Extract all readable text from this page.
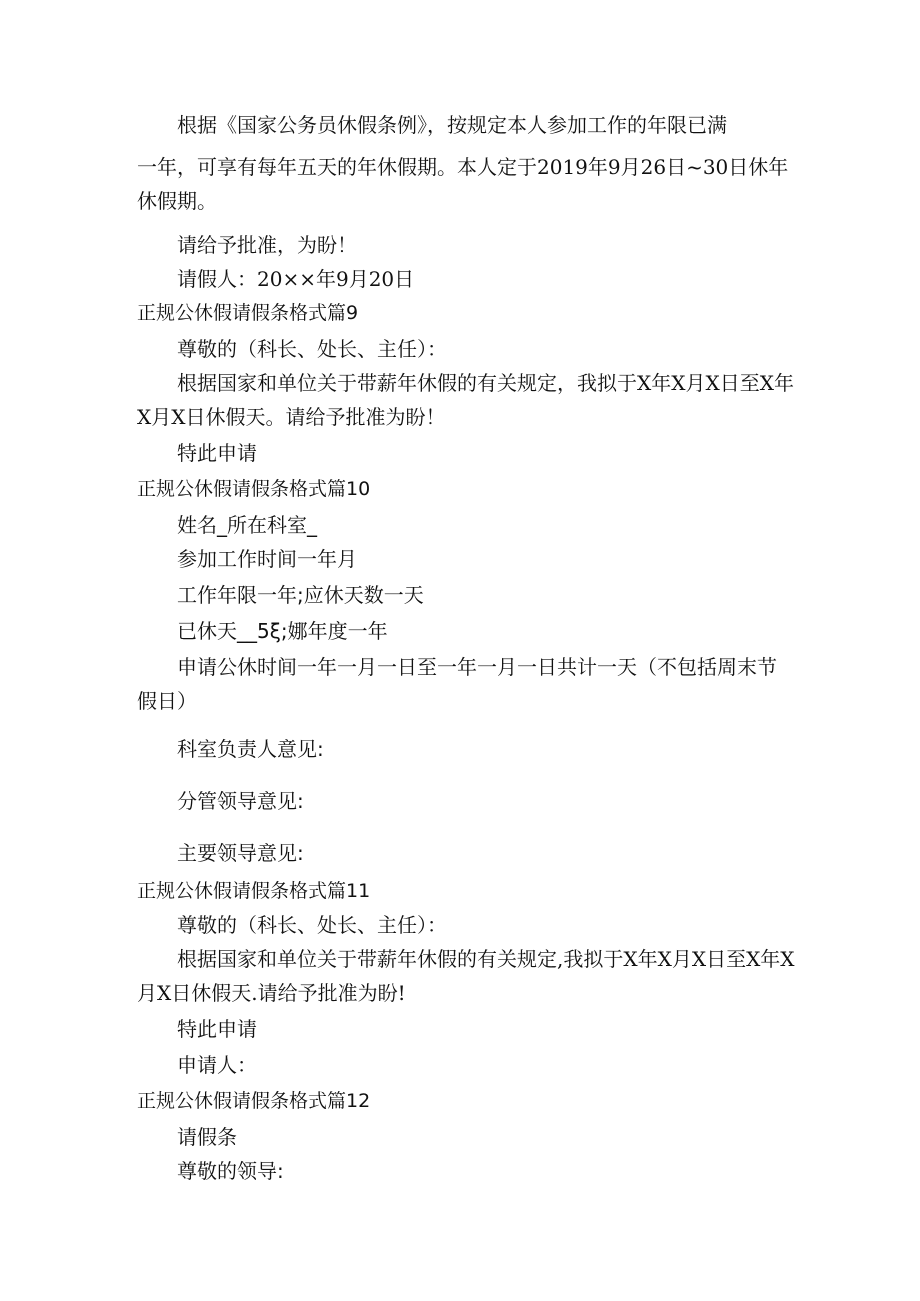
根据《国家公务员休假条例》，按规定本人参加工作的年限已满

一年，可享有每年五天的年休假期。本人定于2019年9月26日~30日休年

休假期。

请给予批准，为盼！

请假人：20××年9月20日

正规公休假请假条格式篇9

尊敬的（科长、处长、主任）：

根据国家和单位关于带薪年休假的有关规定，我拟于X年X月X日至X年

X月X日休假天。请给予批准为盼！

特此申请

正规公休假请假条格式篇10

姓名_所在科室_

参加工作时间一年月

工作年限一年;应休天数一天

已休天__5ξ;娜年度一年

申请公休时间一年一月一日至一年一月一日共计一天（不包括周末节

假日）

科室负责人意见:

分管领导意见:

主要领导意见:

正规公休假请假条格式篇11

尊敬的（科长、处长、主任）：

根据国家和单位关于带薪年休假的有关规定,我拟于X年X月X日至X年X

月X日休假天.请给予批准为盼!

特此申请

申请人：

正规公休假请假条格式篇12

请假条

尊敬的领导:
